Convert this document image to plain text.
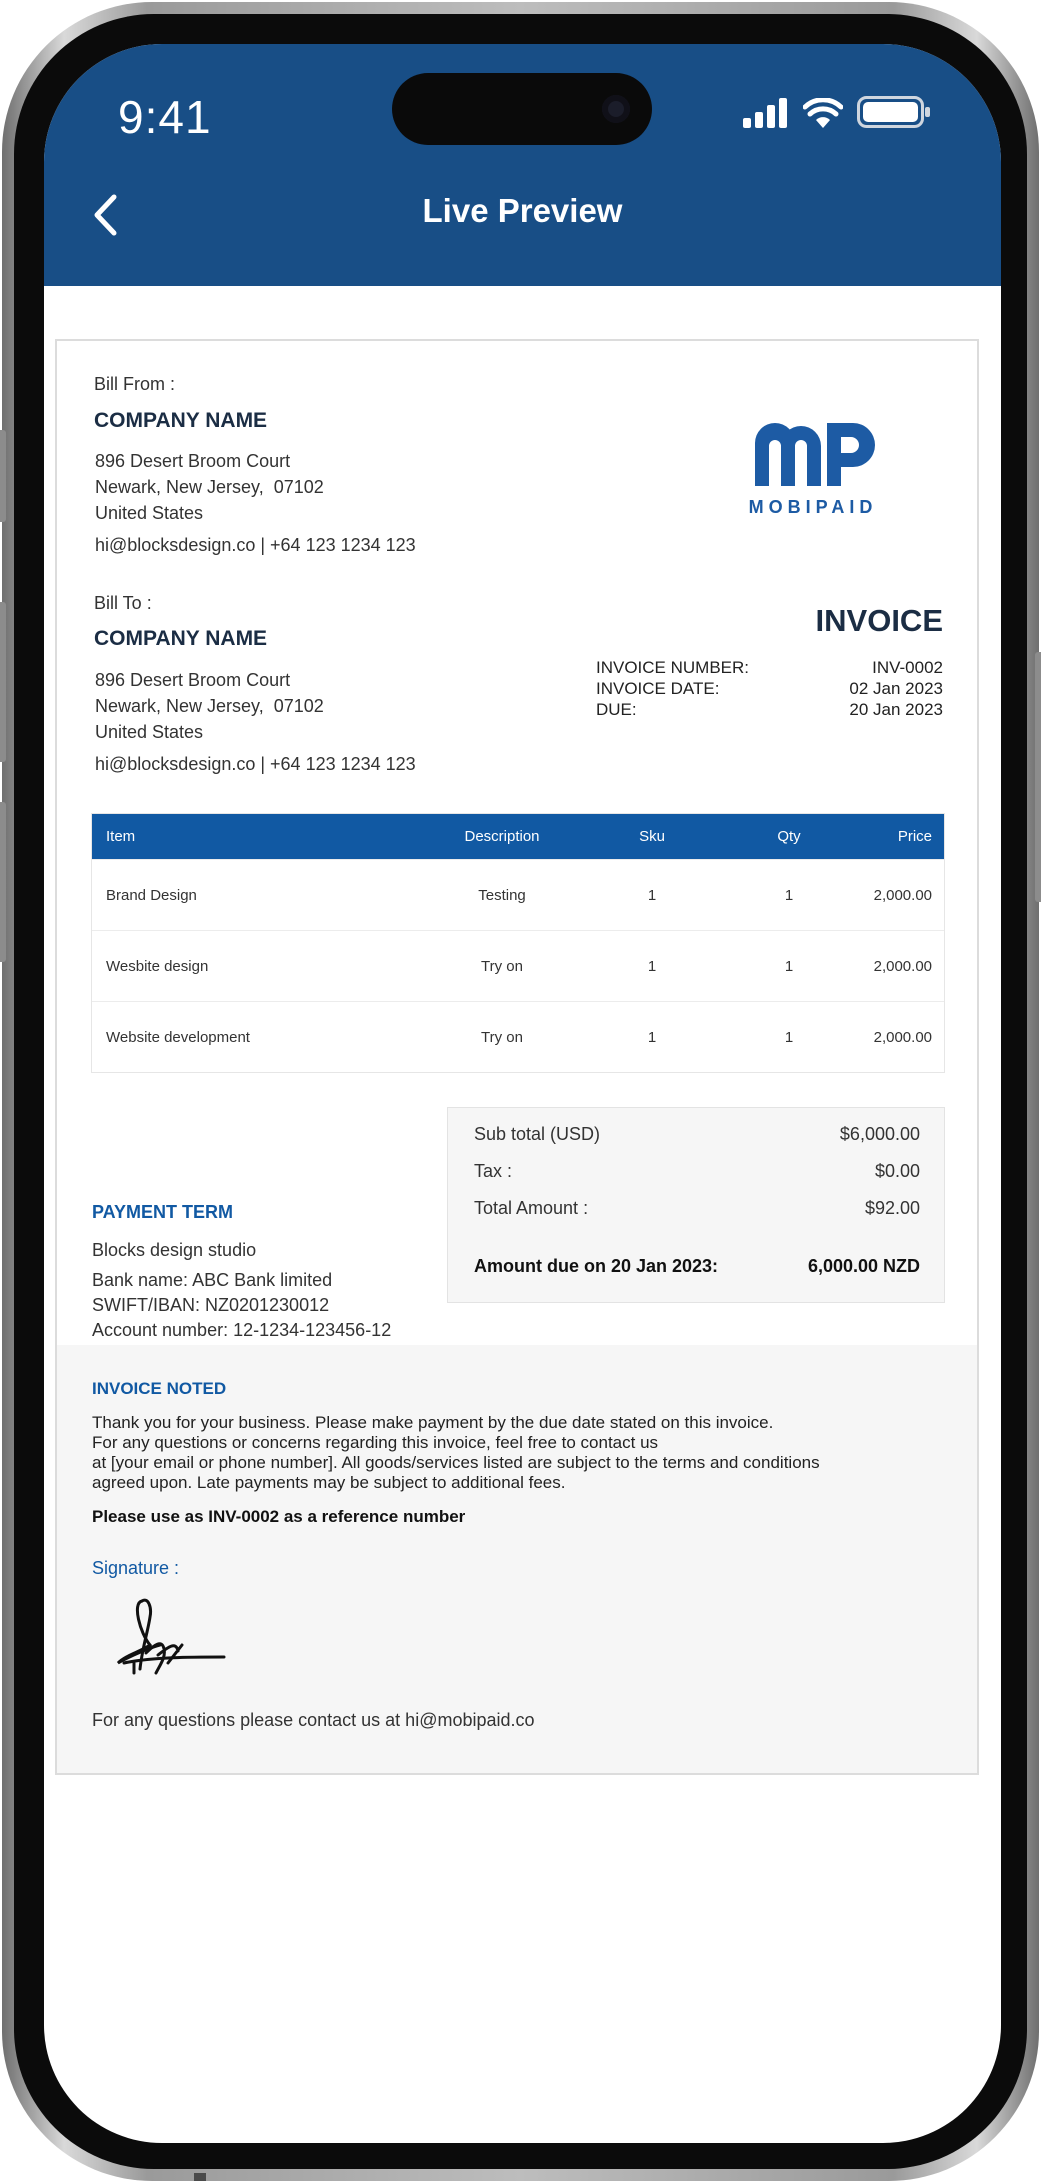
9:41
Live Preview
Bill From :
COMPANY NAME
896 Desert Broom Court
Newark, New Jersey,  07102
United States
hi@blocksdesign.co | +64 123 1234 123
Bill To :
COMPANY NAME
896 Desert Broom Court
Newark, New Jersey,  07102
United States
hi@blocksdesign.co | +64 123 1234 123
MOBIPAID
INVOICE
INVOICE NUMBER:	INV-0002
INVOICE DATE:	02 Jan 2023
DUE:	20 Jan 2023
Item	Description	Sku	Qty	Price
Brand Design	Testing	1	1	2,000.00
Wesbite design	Try on	1	1	2,000.00
Website development	Try on	1	1	2,000.00
PAYMENT TERM
Blocks design studio
Bank name: ABC Bank limited
SWIFT/IBAN: NZ0201230012
Account number: 12-1234-123456-12
Sub total (USD)	$6,000.00
Tax :	$0.00
Total Amount :	$92.00
Amount due on 20 Jan 2023:	6,000.00 NZD
INVOICE NOTED
Thank you for your business. Please make payment by the due date stated on this invoice.
For any questions or concerns regarding this invoice, feel free to contact us
at [your email or phone number]. All goods/services listed are subject to the terms and conditions
agreed upon. Late payments may be subject to additional fees.
Please use as INV-0002 as a reference number
Signature :
For any questions please contact us at hi@mobipaid.co
